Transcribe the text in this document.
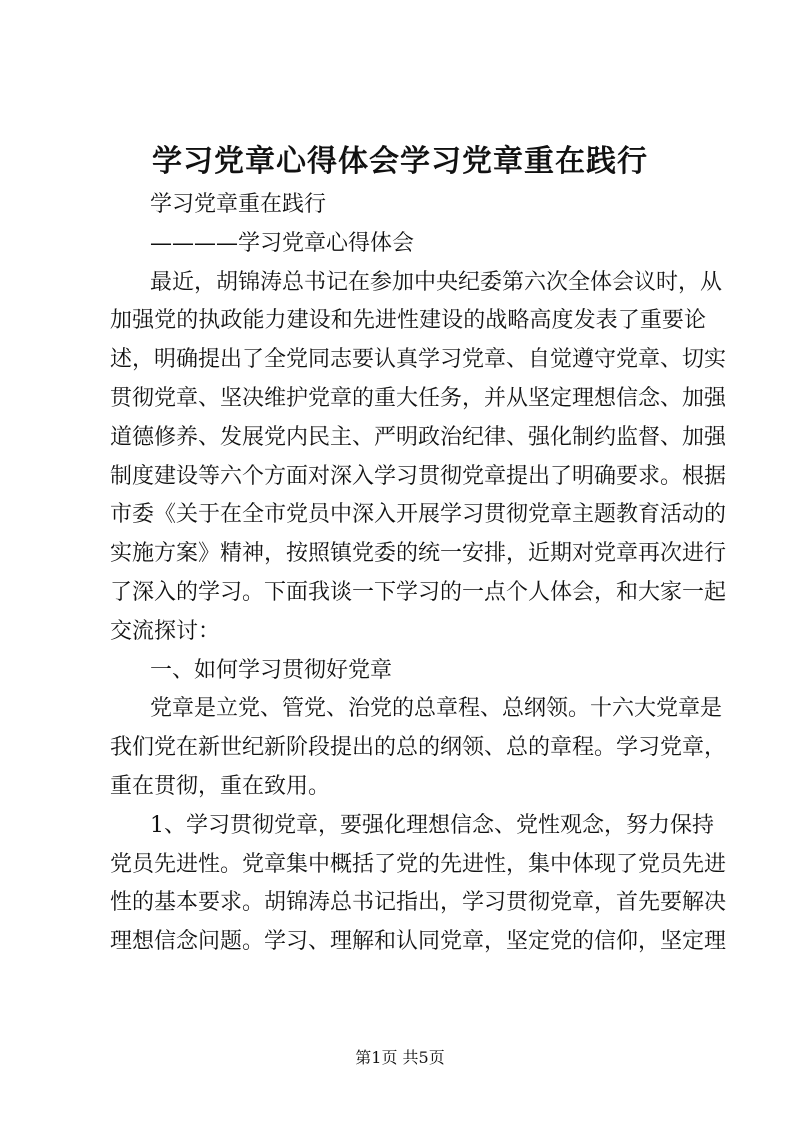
学习党章心得体会学习党章重在践行
学习党章重在践行
————学习党章心得体会
最近，胡锦涛总书记在参加中央纪委第六次全体会议时，从
加强党的执政能力建设和先进性建设的战略高度发表了重要论
述，明确提出了全党同志要认真学习党章、自觉遵守党章、切实
贯彻党章、坚决维护党章的重大任务，并从坚定理想信念、加强
道德修养、发展党内民主、严明政治纪律、强化制约监督、加强
制度建设等六个方面对深入学习贯彻党章提出了明确要求。根据
市委《关于在全市党员中深入开展学习贯彻党章主题教育活动的
实施方案》精神，按照镇党委的统一安排，近期对党章再次进行
了深入的学习。下面我谈一下学习的一点个人体会，和大家一起
交流探讨：
一、如何学习贯彻好党章
党章是立党、管党、治党的总章程、总纲领。十六大党章是
我们党在新世纪新阶段提出的总的纲领、总的章程。学习党章，
重在贯彻，重在致用。
1、学习贯彻党章，要强化理想信念、党性观念，努力保持
党员先进性。党章集中概括了党的先进性，集中体现了党员先进
性的基本要求。胡锦涛总书记指出，学习贯彻党章，首先要解决
理想信念问题。学习、理解和认同党章，坚定党的信仰，坚定理
第1页 共5页
